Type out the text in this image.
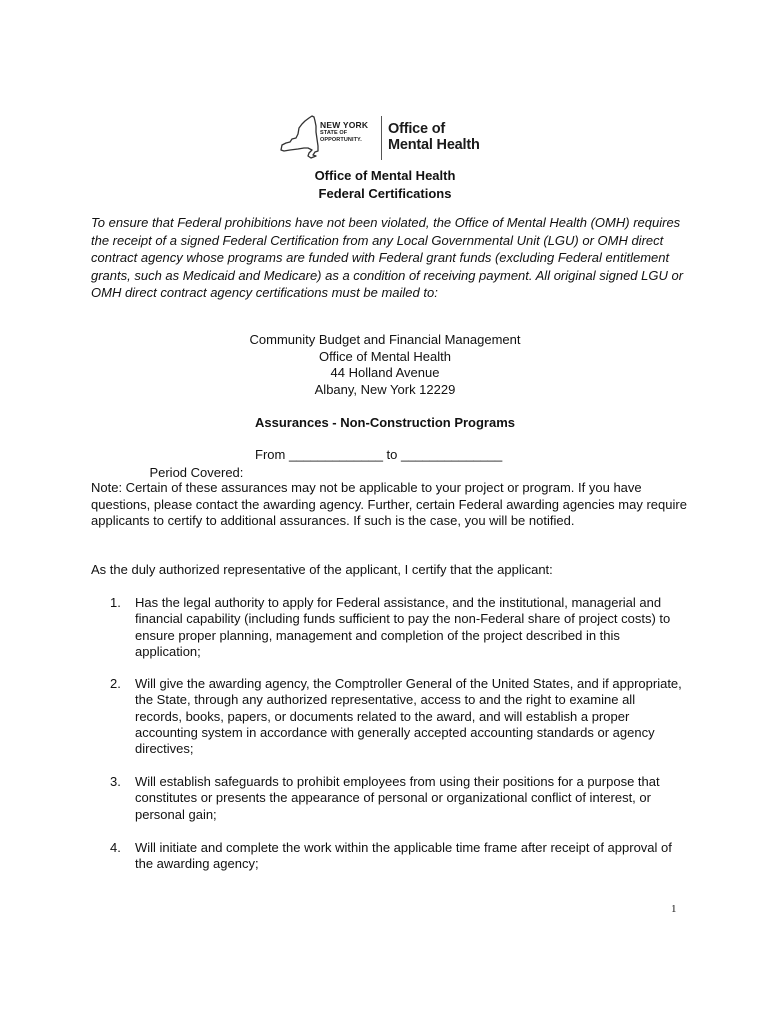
NEW YORK
STATE OF
OPPORTUNITY.
Office of
Mental Health
Office of Mental Health
Federal Certifications
To ensure that Federal prohibitions have not been violated, the Office of Mental Health (OMH) requires the receipt of a signed Federal Certification from any Local Governmental Unit (LGU) or OMH direct contract agency whose programs are funded with Federal grant funds (excluding Federal entitlement grants, such as Medicaid and Medicare) as a condition of receiving payment. All original signed LGU or OMH direct contract agency certifications must be mailed to:
Community Budget and Financial Management
Office of Mental Health
44 Holland Avenue
Albany, New York 12229
Assurances - Non-Construction Programs

Period Covered:

From _____________ to ______________

Note: Certain of these assurances may not be applicable to your project or program. If you have questions, please contact the awarding agency. Further, certain Federal awarding agencies may require applicants to certify to additional assurances. If such is the case, you will be notified.
As the duly authorized representative of the applicant, I certify that the applicant:
1. Has the legal authority to apply for Federal assistance, and the institutional, managerial and financial capability (including funds sufficient to pay the non-Federal share of project costs) to ensure proper planning, management and completion of the project described in this application;
2. Will give the awarding agency, the Comptroller General of the United States, and if appropriate, the State, through any authorized representative, access to and the right to examine all records, books, papers, or documents related to the award, and will establish a proper accounting system in accordance with generally accepted accounting standards or agency directives;
3. Will establish safeguards to prohibit employees from using their positions for a purpose that constitutes or presents the appearance of personal or organizational conflict of interest, or personal gain;
4. Will initiate and complete the work within the applicable time frame after receipt of approval of the awarding agency;
1
